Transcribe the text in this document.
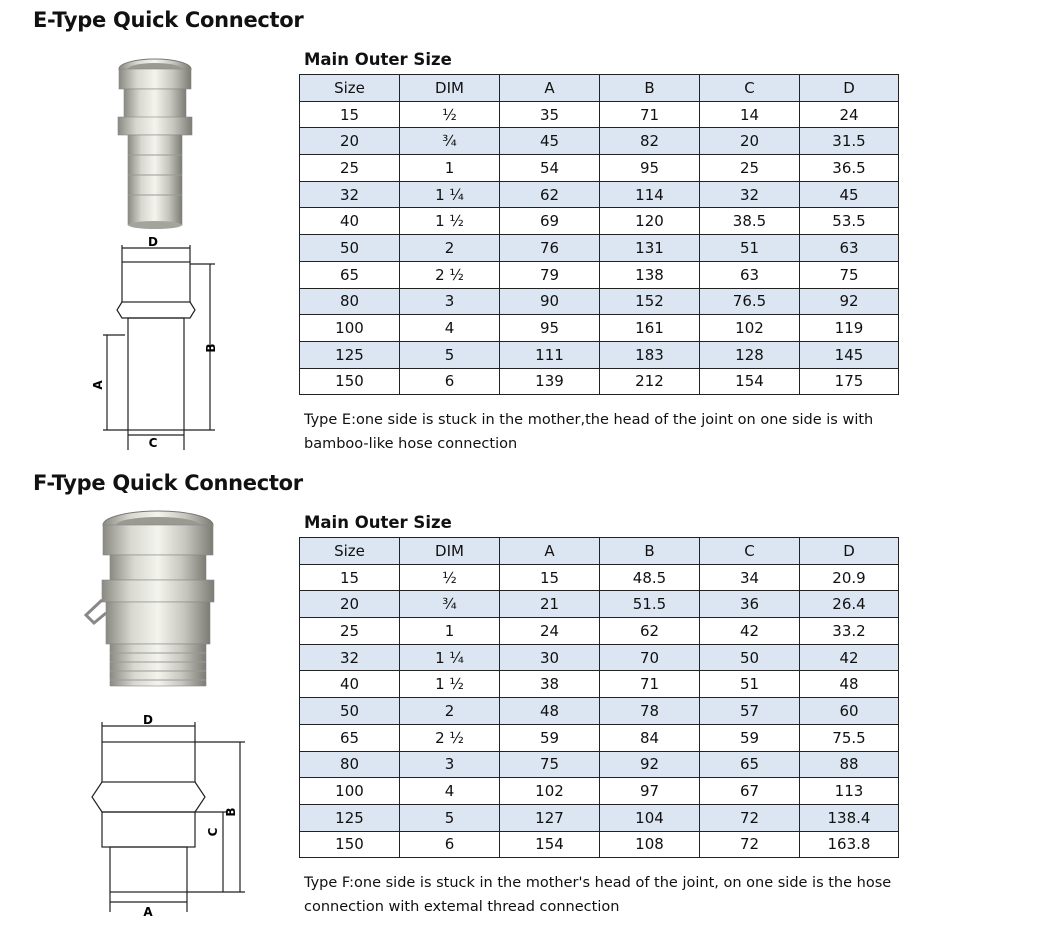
E-Type Quick Connector
D
C
A
B
Main Outer Size
Size	DIM	A	B	C	D
15	½	35	71	14	24
20	¾	45	82	20	31.5
25	1	54	95	25	36.5
32	1 ¼	62	114	32	45
40	1 ½	69	120	38.5	53.5
50	2	76	131	51	63
65	2 ½	79	138	63	75
80	3	90	152	76.5	92
100	4	95	161	102	119
125	5	111	183	128	145
150	6	139	212	154	175
Type E:one side is stuck in the mother,the head of the joint on one side is with bamboo-like hose connection
F-Type Quick Connector
D
A
C
B
Main Outer Size
Size	DIM	A	B	C	D
15	½	15	48.5	34	20.9
20	¾	21	51.5	36	26.4
25	1	24	62	42	33.2
32	1 ¼	30	70	50	42
40	1 ½	38	71	51	48
50	2	48	78	57	60
65	2 ½	59	84	59	75.5
80	3	75	92	65	88
100	4	102	97	67	113
125	5	127	104	72	138.4
150	6	154	108	72	163.8
Type F:one side is stuck in the mother's head of the joint, on one side is the hose connection with extemal thread connection
